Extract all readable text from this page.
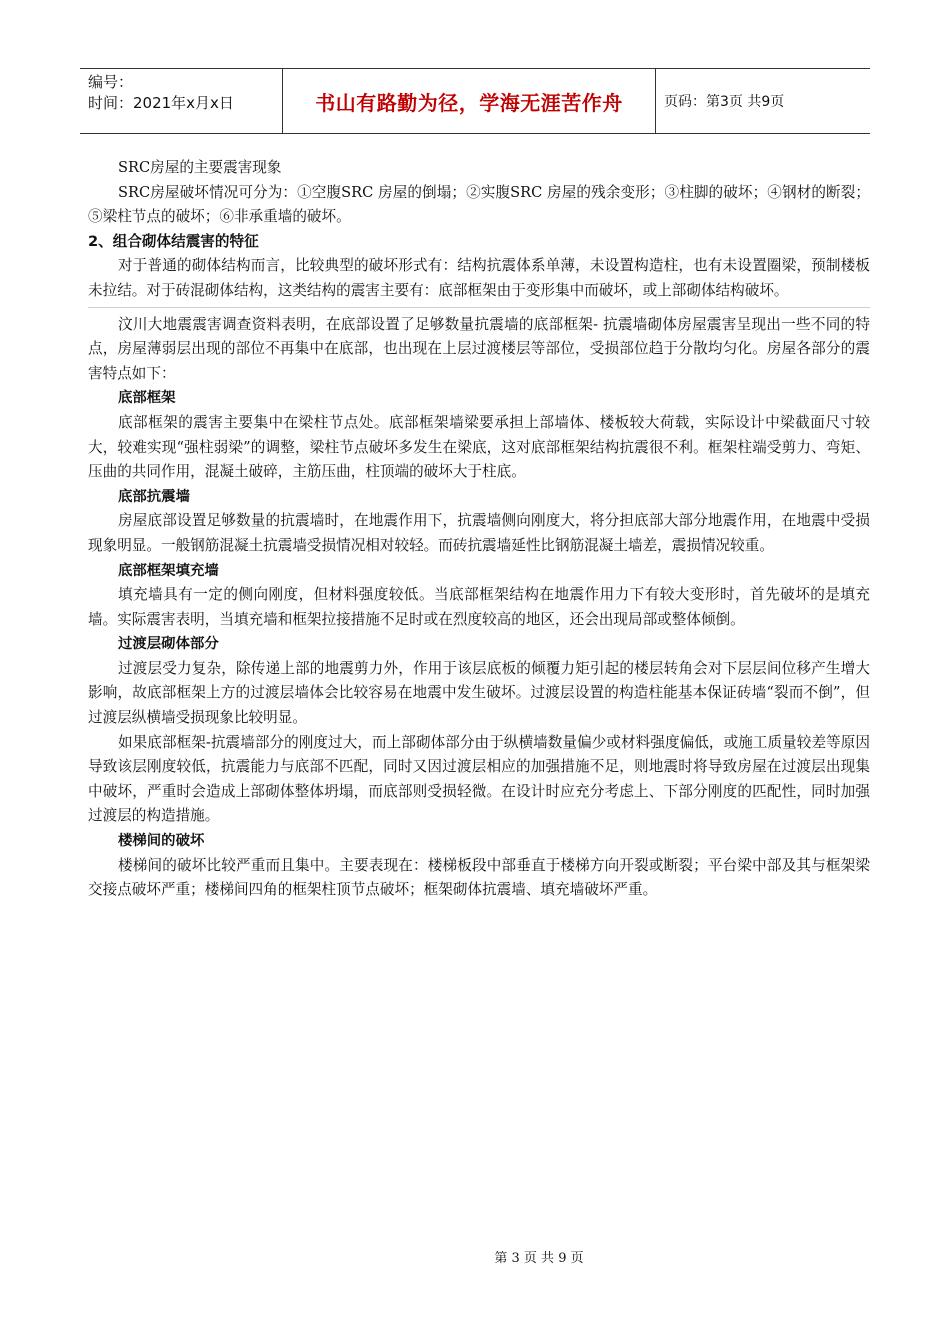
编号：
时间：2021年x月x日	书山有路勤为径，学海无涯苦作舟	页码：第3页 共9页

SRC房屋的主要震害现象

SRC房屋破坏情况可分为：①空腹SRC 房屋的倒塌；②实腹SRC 房屋的残余变形；③柱脚的破坏；④钢材的断裂；⑤梁柱节点的破坏；⑥非承重墙的破坏。

2、组合砌体结震害的特征

对于普通的砌体结构而言，比较典型的破坏形式有：结构抗震体系单薄，未设置构造柱，也有未设置圈梁，预制楼板未拉结。对于砖混砌体结构，这类结构的震害主要有：底部框架由于变形集中而破坏，或上部砌体结构破坏。

汶川大地震震害调查资料表明，在底部设置了足够数量抗震墙的底部框架- 抗震墙砌体房屋震害呈现出一些不同的特点，房屋薄弱层出现的部位不再集中在底部，也出现在上层过渡楼层等部位，受损部位趋于分散均匀化。房屋各部分的震害特点如下：

底部框架

底部框架的震害主要集中在梁柱节点处。底部框架墙梁要承担上部墙体、楼板较大荷载，实际设计中梁截面尺寸较大，较难实现“强柱弱梁”的调整，梁柱节点破坏多发生在梁底，这对底部框架结构抗震很不利。框架柱端受剪力、弯矩、压曲的共同作用，混凝土破碎，主筋压曲，柱顶端的破坏大于柱底。

底部抗震墙

房屋底部设置足够数量的抗震墙时，在地震作用下，抗震墙侧向刚度大，将分担底部大部分地震作用，在地震中受损现象明显。一般钢筋混凝土抗震墙受损情况相对较轻。而砖抗震墙延性比钢筋混凝土墙差，震损情况较重。

底部框架填充墙

填充墙具有一定的侧向刚度，但材料强度较低。当底部框架结构在地震作用力下有较大变形时，首先破坏的是填充墙。实际震害表明，当填充墙和框架拉接措施不足时或在烈度较高的地区，还会出现局部或整体倾倒。

过渡层砌体部分

过渡层受力复杂，除传递上部的地震剪力外，作用于该层底板的倾覆力矩引起的楼层转角会对下层层间位移产生增大影响，故底部框架上方的过渡层墙体会比较容易在地震中发生破坏。过渡层设置的构造柱能基本保证砖墙“裂而不倒”，但过渡层纵横墙受损现象比较明显。

如果底部框架-抗震墙部分的刚度过大，而上部砌体部分由于纵横墙数量偏少或材料强度偏低，或施工质量较差等原因导致该层刚度较低，抗震能力与底部不匹配，同时又因过渡层相应的加强措施不足，则地震时将导致房屋在过渡层出现集中破坏，严重时会造成上部砌体整体坍塌，而底部则受损轻微。在设计时应充分考虑上、下部分刚度的匹配性，同时加强过渡层的构造措施。

楼梯间的破坏

楼梯间的破坏比较严重而且集中。主要表现在：楼梯板段中部垂直于楼梯方向开裂或断裂；平台梁中部及其与框架梁交接点破坏严重；楼梯间四角的框架柱顶节点破坏；框架砌体抗震墙、填充墙破坏严重。

第 3 页 共 9 页
